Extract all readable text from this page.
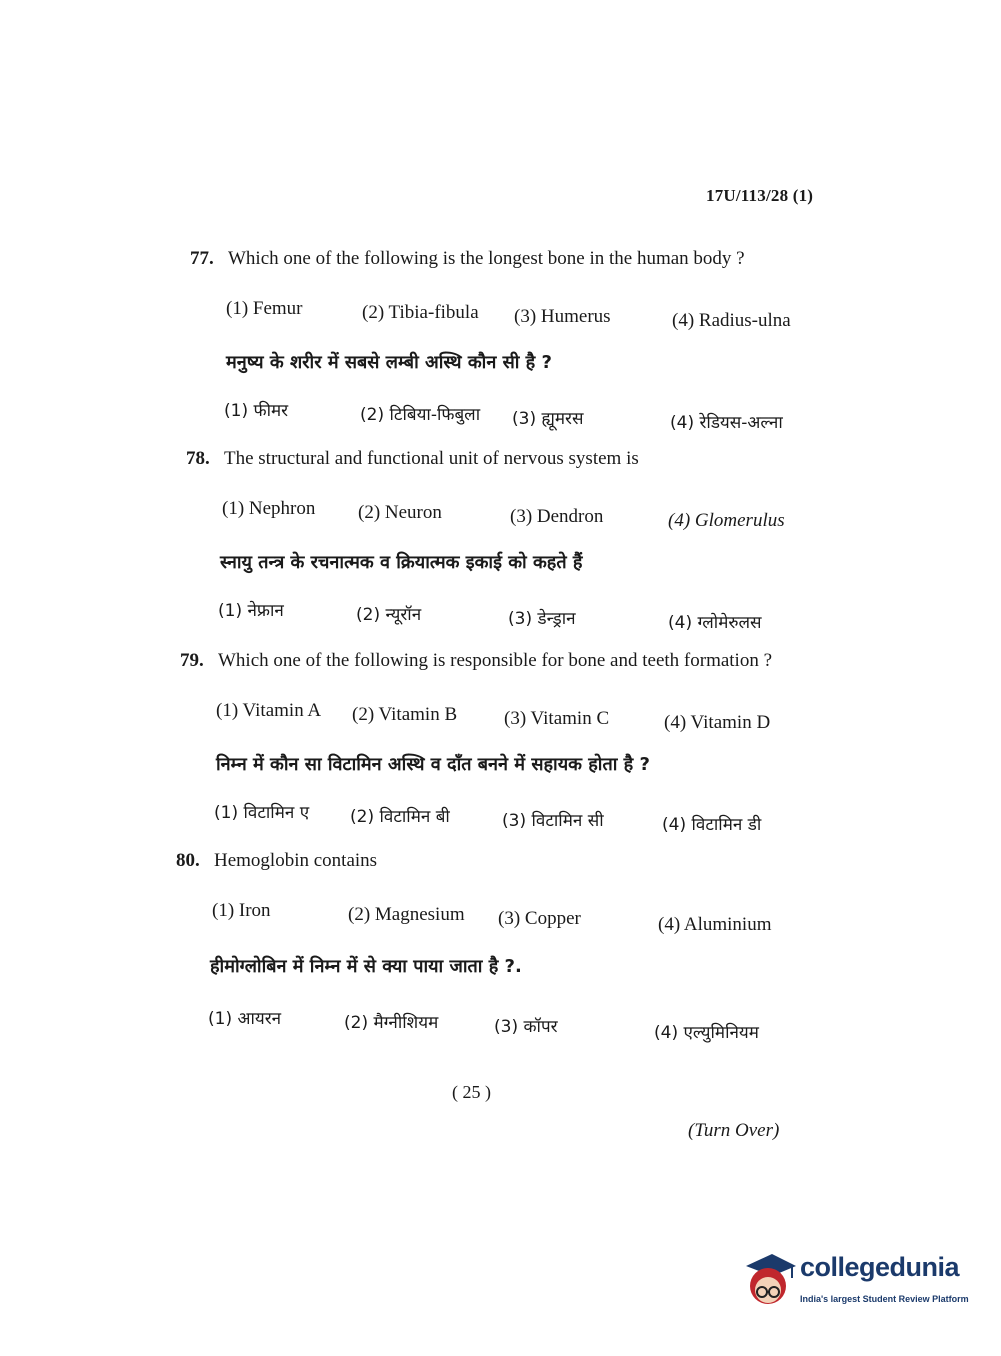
17U/113/28 (1)
77. Which one of the following is the longest bone in the human body ?
(1) Femur	(2) Tibia-fibula (3) Humerus	(4) Radius-ulna
मनुष्य के शरीर में सबसे लम्बी अस्थि कौन सी है ?
(1) फीमर	(2) टिबिया-फिबुला (3) ह्यूमरस	(4) रेडियस-अल्ना
78. The structural and functional unit of nervous system is
(1) Nephron (2) Neuron	(3) Dendron	(4) Glomerulus
स्नायु तन्त्र के रचनात्मक व क्रियात्मक इकाई को कहते हैं
(1) नेफ्रान	(2) न्यूरॉन	(3) डेन्ड्रान	(4) ग्लोमेरुलस
79. Which one of the following is responsible for bone and teeth formation ?
(1) Vitamin A (2) Vitamin B (3) Vitamin C	(4) Vitamin D
निम्न में कौन सा विटामिन अस्थि व दाँत बनने में सहायक होता है ?
(1) विटामिन ए (2) विटामिन बी	(3) विटामिन सी	(4) विटामिन डी
80. Hemoglobin contains
(1) Iron	(2) Magnesium (3) Copper	(4) Aluminium
हीमोग्लोबिन में निम्न में से क्या पाया जाता है ?.
(1) आयरन	(2) मैग्नीशियम	(3) कॉपर	(4) एल्युमिनियम
( 25 )
(Turn Over)
collegedunia
India's largest Student Review Platform
